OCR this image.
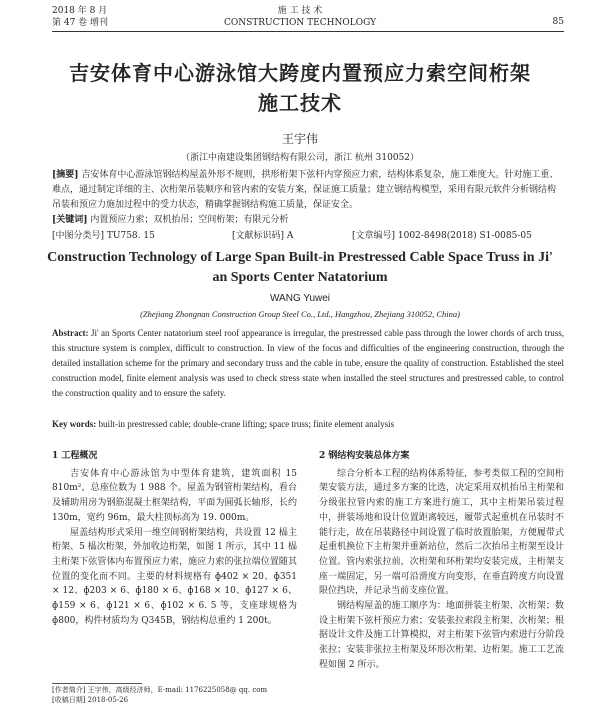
2018 年 8 月
第 47 卷 增刊
施 工 技 术
CONSTRUCTION TECHNOLOGY	85
吉安体育中心游泳馆大跨度内置预应力索空间桁架施工技术
王宇伟
（浙江中南建设集团钢结构有限公司，浙江 杭州 310052）
[摘要] 吉安体育中心游泳馆钢结构屋盖外形不规则，拱形桁架下弦杆内穿预应力索，结构体系复杂，施工难度大。针对施工重、难点，通过制定详细的主、次桁架吊装顺序和管内索的安装方案，保证施工质量；建立钢结构模型，采用有限元软件分析钢结构吊装和预应力施加过程中的受力状态，精确掌握钢结构施工质量，保证安全。
[关键词] 内置预应力索；双机抬吊；空间桁架；有限元分析
[中图分类号] TU758. 15	[文献标识码] A	[文章编号] 1002-8498(2018) S1-0085-05
Construction Technology of Large Span Built-in Prestressed Cable Space Truss in Ji' an Sports Center Natatorium
WANG Yuwei
(Zhejiang Zhongnan Construction Group Steel Co., Ltd., Hangzhou, Zhejiang 310052, China)
Abstract: Ji' an Sports Center natatorium steel roof appearance is irregular, the prestressed cable pass through the lower chords of arch truss, this structure system is complex, difficult to construction. In view of the focus and difficulties of the engineering construction, through the detailed installation scheme for the primary and secondary truss and the cable in tube, ensure the quality of construction. Established the steel construction model, finite element analysis was used to check stress state when installed the steel structures and prestressed cable, to control the construction quality and to ensure the safety.
Key words: built-in prestressed cable; double-crane lifting; space truss; finite element analysis
1 工程概况
吉安体育中心游泳馆为中型体育建筑，建筑面积 15 810m²，总座位数为 1 988 个。屋盖为钢管桁架结构，看台及辅助用房为钢筋混凝土框架结构，平面为圆弧长轴形，长约 130m，宽约 96m，最大柱顶标高为 19. 000m。
屋盖结构形式采用一维空间钢桁架结构，共设置 12 榀主桁架、5 榀次桁架，外加收边桁架，如图 1 所示，其中 11 榀主桁架下弦管体内布置预应力索，施应力索的张拉端位置随其位置的变化而不同。主要的材料规格有 ɸ402 × 20、ɸ351 × 12、ɸ203 × 6、ɸ180 × 6、ɸ168 × 10、ɸ127 × 6、ɸ159 × 6、ɸ121 × 6、ɸ102 × 6. 5 等，支座球规格为 ɸ800，构件材质均为 Q345B，钢结构总重约 1 200t。
2 钢结构安装总体方案
综合分析本工程的结构体系特征，参考类似工程的空间桁架安装方法，通过多方案的比选，决定采用双机抬吊主桁架和分级张拉管内索的施工方案进行施工，其中主桁架吊装过程中，拼装场地和设计位置距离较远，履带式起重机在吊装时不能行走，故在吊装路径中间设置了临时放置胎架，方便履带式起重机换位下主桁架并重新站位，然后二次抬吊主桁架至设计位置。管内索张拉前，次桁架和环桁架均安装完成，主桁架支座一端固定，另一端可沿滑度方向变形，在垂直跨度方向设置限位挡块，并记录当前支座位置。
钢结构屋盖的施工顺序为：地面拼装主桁架、次桁架；数设主桁架下弦杆预应力索；安装张拉索段主桁架、次桁架；根据设计文件及施工计算模拟，对主桁架下弦管内索进行分阶段张拉；安装非张拉主桁架及环形次桁架、边桁架。施工工艺流程如图 2 所示。
[作者简介] 王宇伟，高级经济师，E-mail: 1176225058@ qq. com
[收稿日期] 2018-05-26
